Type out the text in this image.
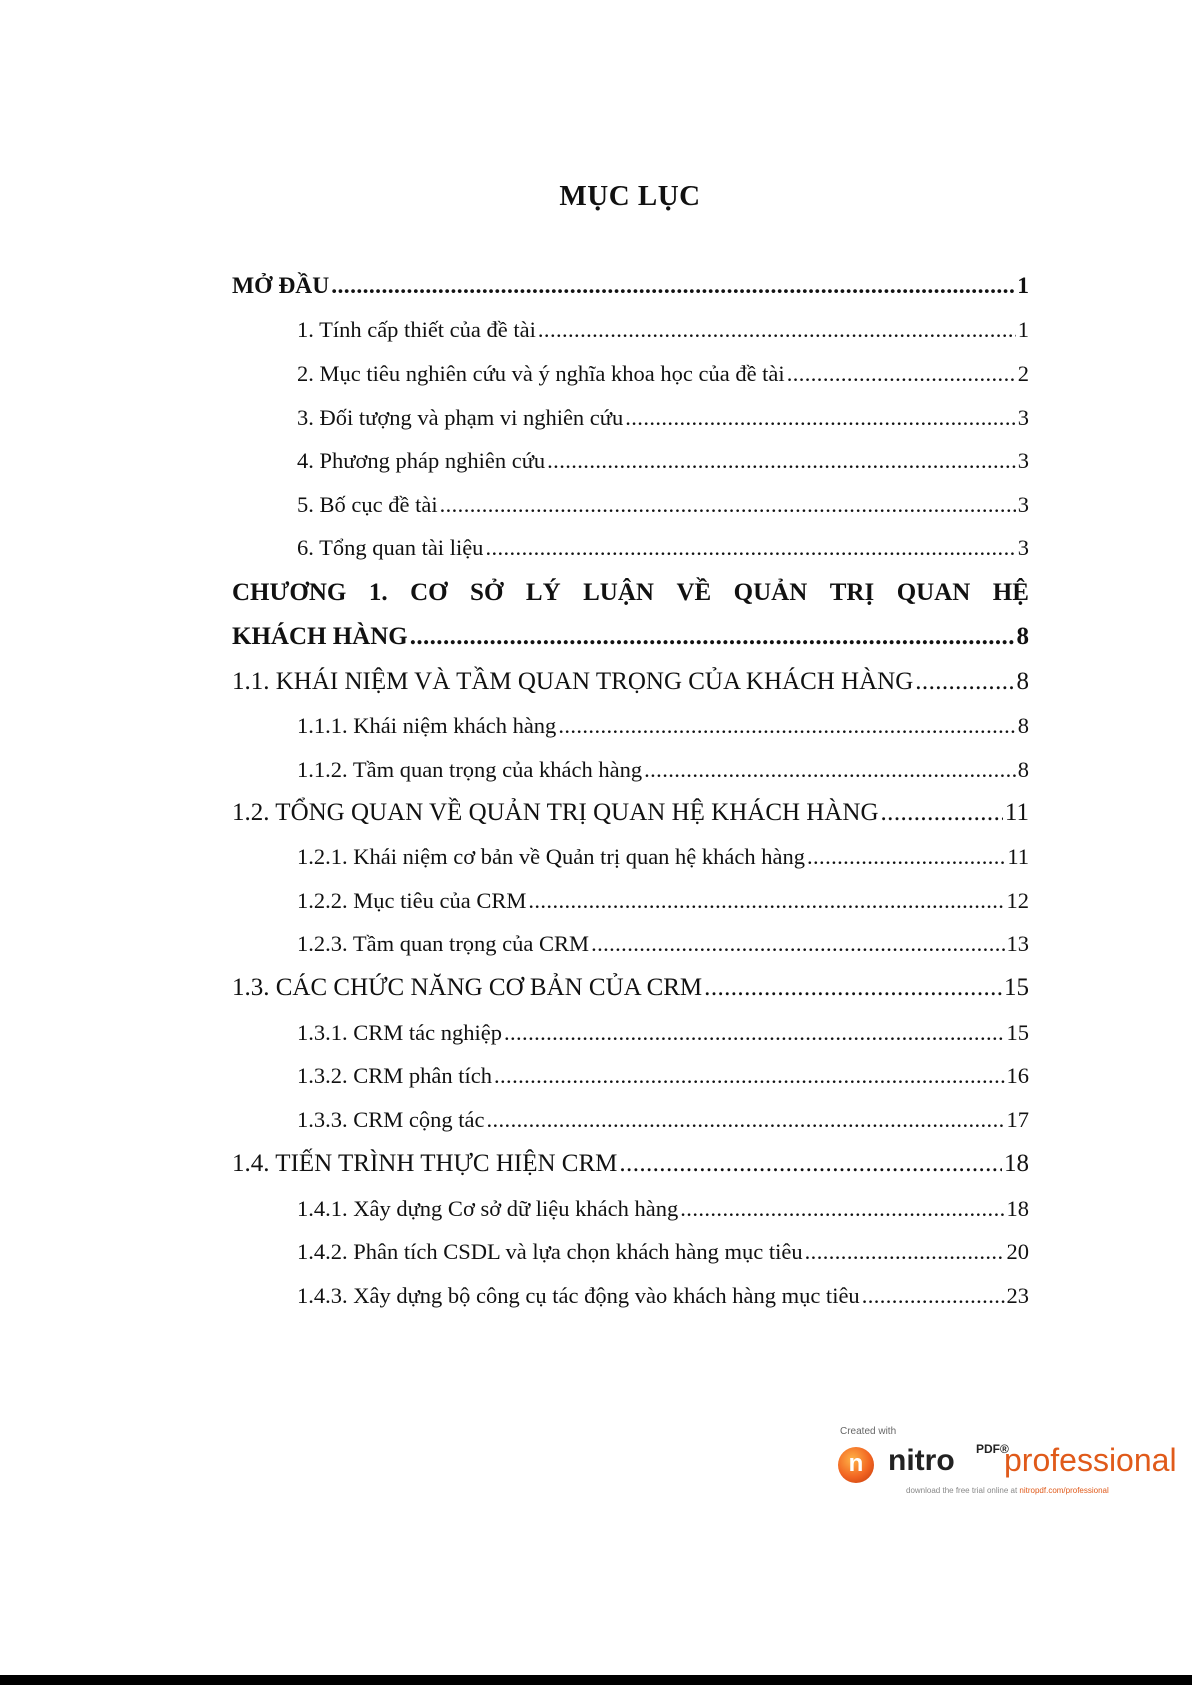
MỤC LỤC
MỞ ĐẦU .....	1
1. Tính cấp thiết của đề tài .....	1
2. Mục tiêu nghiên cứu và ý nghĩa khoa học của đề tài .....	2
3. Đối tượng và phạm vi nghiên cứu .....	3
4. Phương pháp nghiên cứu .....	3
5. Bố cục đề tài .....	3
6. Tổng quan tài liệu .....	3
CHƯƠNG 1. CƠ SỞ LÝ LUẬN VỀ QUẢN TRỊ QUAN HỆ
KHÁCH HÀNG .....	8
1.1. KHÁI NIỆM VÀ TẦM QUAN TRỌNG CỦA KHÁCH HÀNG .....	8
1.1.1. Khái niệm khách hàng .....	8
1.1.2. Tầm quan trọng của khách hàng .....	8
1.2. TỔNG QUAN VỀ QUẢN TRỊ QUAN HỆ KHÁCH HÀNG .....	11
1.2.1. Khái niệm cơ bản về Quản trị quan hệ khách hàng .....	11
1.2.2. Mục tiêu của CRM .....	12
1.2.3. Tầm quan trọng của CRM .....	13
1.3. CÁC CHỨC NĂNG CƠ BẢN CỦA CRM .....	15
1.3.1. CRM tác nghiệp .....	15
1.3.2. CRM phân tích .....	16
1.3.3. CRM cộng tác .....	17
1.4. TIẾN TRÌNH THỰC HIỆN CRM .....	18
1.4.1. Xây dựng Cơ sở dữ liệu khách hàng .....	18
1.4.2. Phân tích CSDL và lựa chọn khách hàng mục tiêu .....	20
1.4.3. Xây dựng bộ công cụ tác động vào khách hàng mục tiêu .....	23
Created with
n nitro PDF®
professional
download the free trial online at nitropdf.com/professional
